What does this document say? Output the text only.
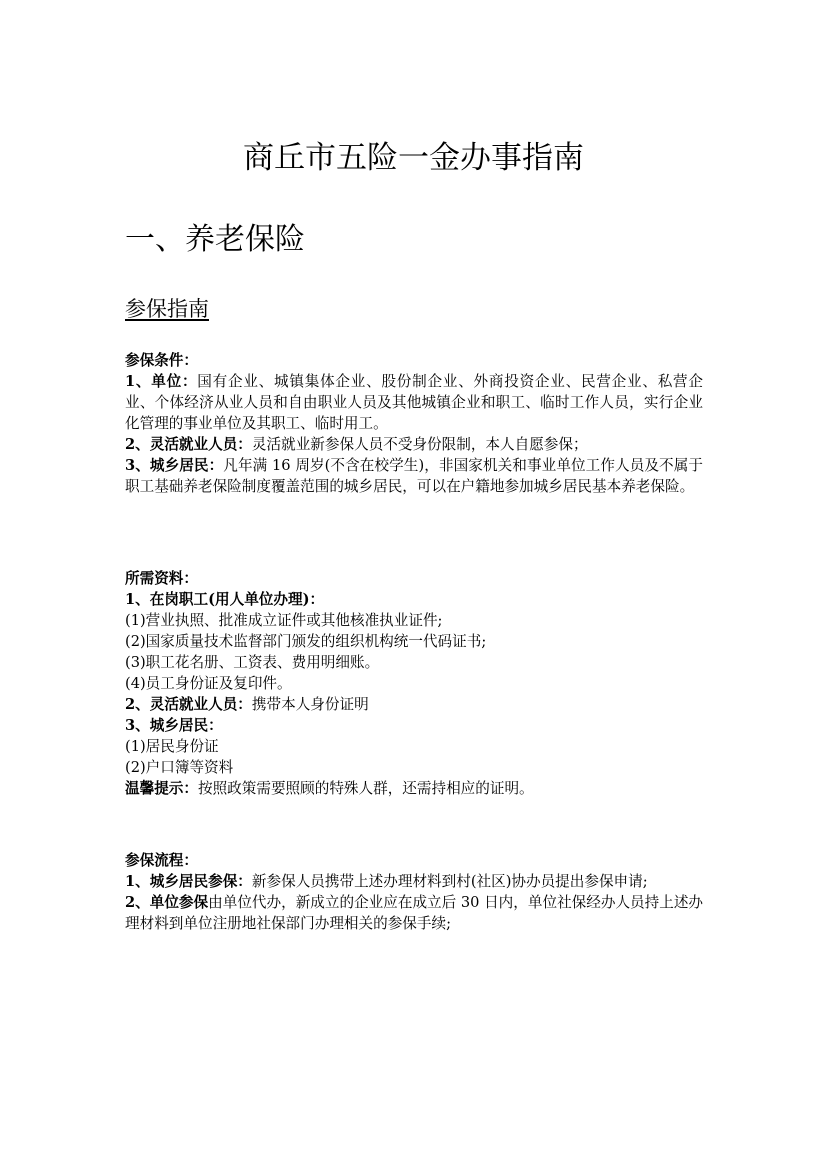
商丘市五险一金办事指南
一、养老保险
参保指南

参保条件：

1、单位：国有企业、城镇集体企业、股份制企业、外商投资企业、民营企业、私营企业、个体经济从业人员和自由职业人员及其他城镇企业和职工、临时工作人员，实行企业化管理的事业单位及其职工、临时用工。

2、灵活就业人员：灵活就业新参保人员不受身份限制，本人自愿参保；

3、城乡居民：凡年满 16 周岁(不含在校学生)，非国家机关和事业单位工作人员及不属于职工基础养老保险制度覆盖范围的城乡居民，可以在户籍地参加城乡居民基本养老保险。

所需资料：

1、在岗职工(用人单位办理)：

(1)营业执照、批准成立证件或其他核准执业证件;

(2)国家质量技术监督部门颁发的组织机构统一代码证书;

(3)职工花名册、工资表、费用明细账。

(4)员工身份证及复印件。

2、灵活就业人员：携带本人身份证明

3、城乡居民：

(1)居民身份证

(2)户口簿等资料

温馨提示：按照政策需要照顾的特殊人群，还需持相应的证明。

参保流程：

1、城乡居民参保：新参保人员携带上述办理材料到村(社区)协办员提出参保申请;

2、单位参保由单位代办，新成立的企业应在成立后 30 日内，单位社保经办人员持上述办理材料到单位注册地社保部门办理相关的参保手续;
